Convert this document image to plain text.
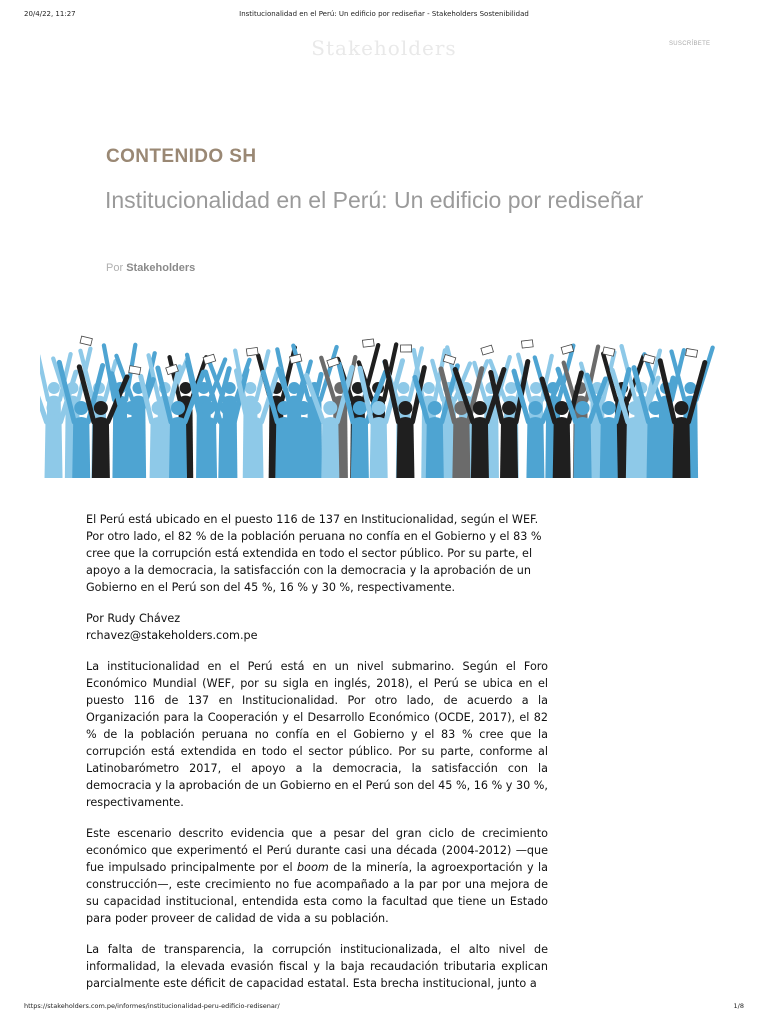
20/4/22, 11:27	Institucionalidad en el Perú: Un edificio por rediseñar - Stakeholders Sostenibilidad
Stakeholders	SUSCRÍBETE
CONTENIDO SH
Institucionalidad en el Perú: Un edificio por rediseñar
Por Stakeholders

El Perú está ubicado en el puesto 116 de 137 en Institucionalidad, según el WEF. Por otro lado, el 82 % de la población peruana no confía en el Gobierno y el 83 % cree que la corrupción está extendida en todo el sector público. Por su parte, el apoyo a la democracia, la satisfacción con la democracia y la aprobación de un Gobierno en el Perú son del 45 %, 16 % y 30 %, respectivamente.

Por Rudy Chávez
rchavez@stakeholders.com.pe

La institucionalidad en el Perú está en un nivel submarino. Según el Foro Económico Mundial (WEF, por su sigla en inglés, 2018), el Perú se ubica en el puesto 116 de 137 en Institucionalidad. Por otro lado, de acuerdo a la Organización para la Cooperación y el Desarrollo Económico (OCDE, 2017), el 82 % de la población peruana no confía en el Gobierno y el 83 % cree que la corrupción está extendida en todo el sector público. Por su parte, conforme al Latinobarómetro 2017, el apoyo a la democracia, la satisfacción con la democracia y la aprobación de un Gobierno en el Perú son del 45 %, 16 % y 30 %, respectivamente.

Este escenario descrito evidencia que a pesar del gran ciclo de crecimiento económico que experimentó el Perú durante casi una década (2004-2012) —que fue impulsado principalmente por el boom de la minería, la agroexportación y la construcción—, este crecimiento no fue acompañado a la par por una mejora de su capacidad institucional, entendida esta como la facultad que tiene un Estado para poder proveer de calidad de vida a su población.

La falta de transparencia, la corrupción institucionalizada, el alto nivel de informalidad, la elevada evasión fiscal y la baja recaudación tributaria explican parcialmente este déficit de capacidad estatal. Esta brecha institucional, junto a

https://stakeholders.com.pe/informes/institucionalidad-peru-edificio-redisenar/	1/8
